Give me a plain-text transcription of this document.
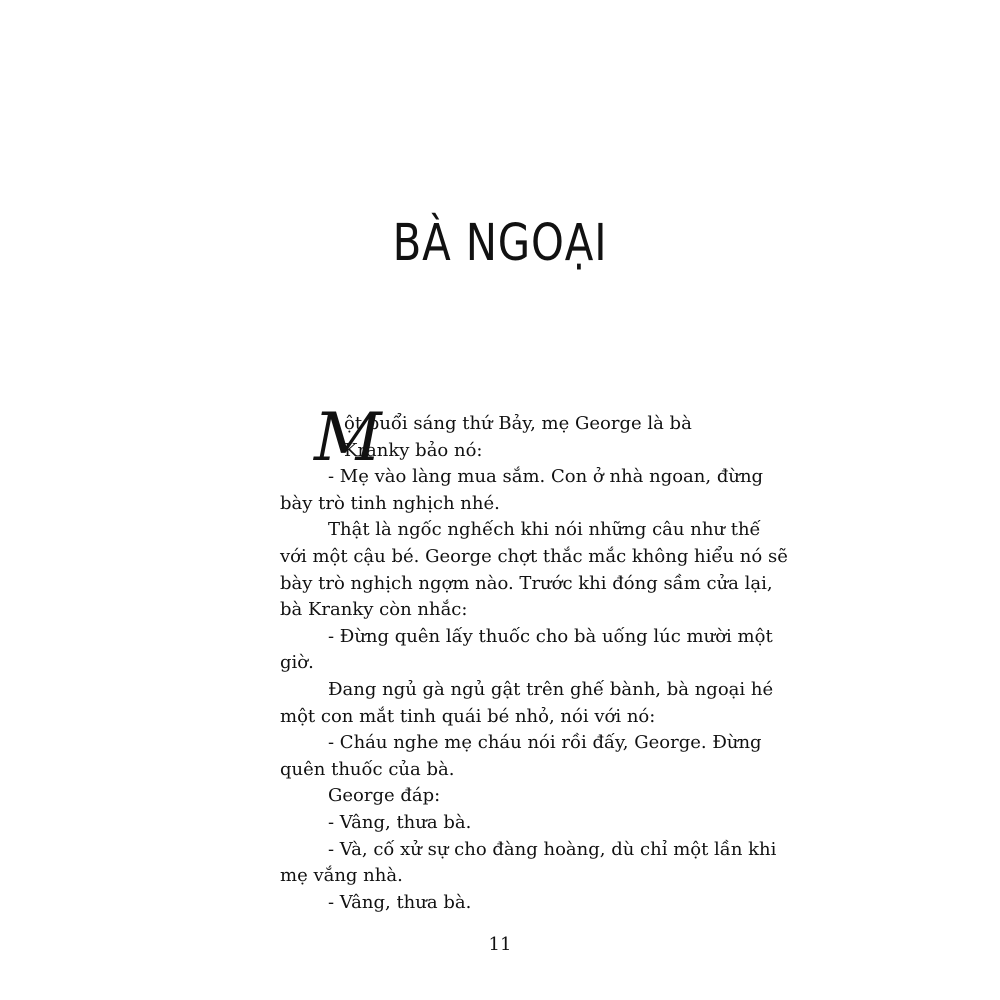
BÀ NGOẠI

M
ột buổi sáng thứ Bảy, mẹ George là bà

Kranky bảo nó:

- Mẹ vào làng mua sắm. Con ở nhà ngoan, đừng

bày trò tinh nghịch nhé.

Thật là ngốc nghếch khi nói những câu như thế

với một cậu bé. George chợt thắc mắc không hiểu nó sẽ

bày trò nghịch ngợm nào. Trước khi đóng sầm cửa lại,

bà Kranky còn nhắc:

- Đừng quên lấy thuốc cho bà uống lúc mười một

giờ.

Đang ngủ gà ngủ gật trên ghế bành, bà ngoại hé

một con mắt tinh quái bé nhỏ, nói với nó:

- Cháu nghe mẹ cháu nói rồi đấy, George. Đừng

quên thuốc của bà.

George đáp:

- Vâng, thưa bà.

- Và, cố xử sự cho đàng hoàng, dù chỉ một lần khi

mẹ vắng nhà.

- Vâng, thưa bà.

11
